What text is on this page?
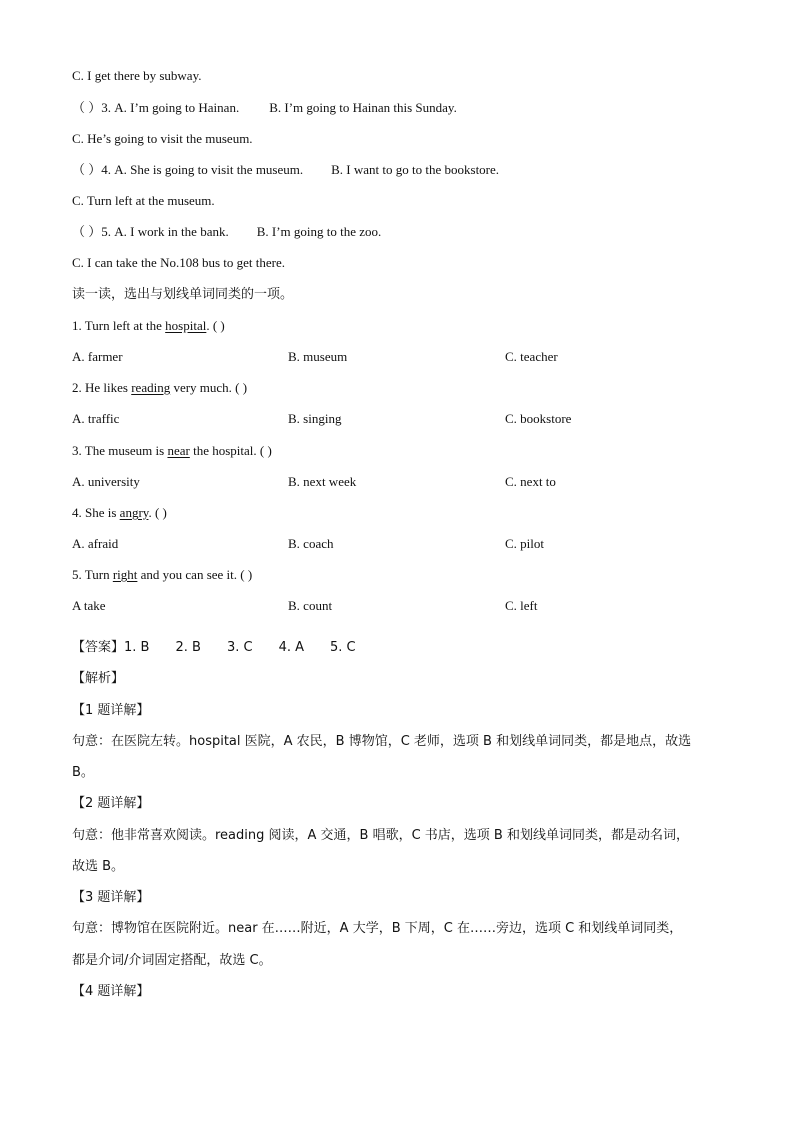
C. I get there by subway.
（ ）3. A. I’m going to Hainan. B. I’m going to Hainan this Sunday.
C. He’s going to visit the museum.
（ ）4. A. She is going to visit the museum. B. I want to go to the bookstore.
C. Turn left at the museum.
（ ）5. A. I work in the bank. B. I’m going to the zoo.
C. I can take the No.108 bus to get there.
读一读，选出与划线单词同类的一项。
1. Turn left at the hospital. ( )
A. farmer	B. museum	C. teacher
2. He likes reading very much. ( )
A. traffic	B. singing	C. bookstore
3. The museum is near the hospital. ( )
A. university	B. next week	C. next to
4. She is angry. ( )
A. afraid	B. coach	C. pilot
5. Turn right and you can see it. ( )
A take	B. count	C. left
【答案】1. B 2. B 3. C 4. A 5. C
【解析】
【1 题详解】
句意：在医院左转。hospital 医院，A 农民，B 博物馆，C 老师，选项 B 和划线单词同类，都是地点，故选
B。
【2 题详解】
句意：他非常喜欢阅读。reading 阅读，A 交通，B 唱歌，C 书店，选项 B 和划线单词同类，都是动名词，
故选 B。
【3 题详解】
句意：博物馆在医院附近。near 在……附近，A 大学，B 下周，C 在……旁边，选项 C 和划线单词同类，
都是介词/介词固定搭配，故选 C。
【4 题详解】
